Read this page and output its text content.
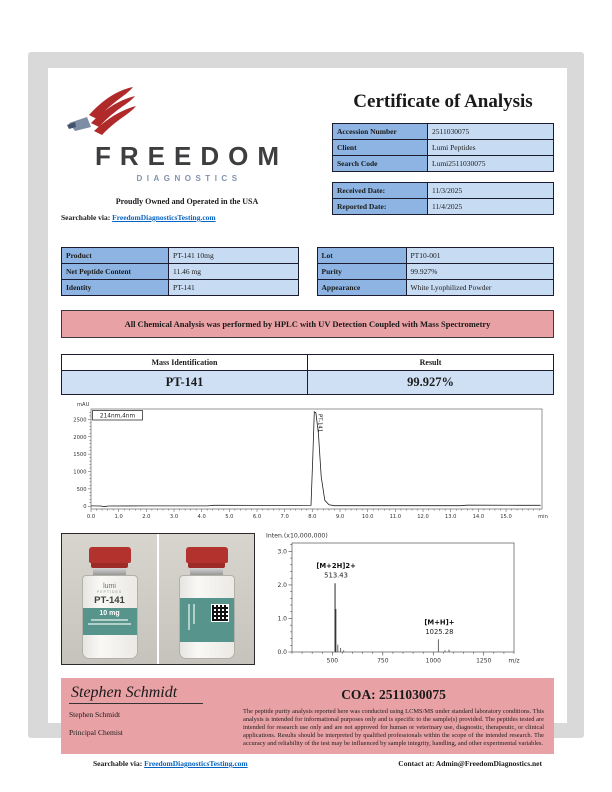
FREEDOM
DIAGNOSTICS
Proudly Owned and Operated in the USA
Searchable via: FreedomDiagnosticsTesting.com
Certificate of Analysis
Accession Number	2511030075
Client	Lumi Peptides
Search Code	Lumi2511030075
Received Date:	11/3/2025
Reported Date:	11/4/2025
Product	PT-141 10mg
Net Peptide Content	11.46 mg
Identity	PT-141
Lot	PT10-001
Purity	99.927%
Appearance	White Lyophilized Powder
All Chemical Analysis was performed by HPLC with UV Detection Coupled with Mass Spectrometry
Mass Identification	Result
PT-141	99.927%
0
500
1000
1500
2000
2500
0.0	1.0	2.0	3.0	4.0	5.0	6.0	7.0	8.0	9.0	10.0	11.0	12.0	13.0	14.0	15.0	min
mAU
214nm,4nm	PT-141
lumi
PEPTIDES
PT-141
10 mg
0.0
1.0
2.0
3.0
500	750	1000	1250	m/z
Inten.(x10,000,000)
[M+2H]2+
513.43
[M+H]+
1025.28
Stephen Schmidt	COA: 2511030075
Stephen Schmidt
Principal Chemist
The peptide purity analysis reported here was conducted using LCMS/MS under standard laboratory conditions. This analysis is intended for informational purposes only and is specific to the sample(s) provided. The peptides tested are intended for research use only and are not approved for human or veterinary use, diagnostic, therapeutic, or clinical applications. Results should be interpreted by qualified professionals within the scope of the intended research. The accuracy and reliability of the test may be influenced by sample integrity, handling, and other experimental variables.
Searchable via: FreedomDiagnosticsTesting.com	Contact at: Admin@FreedomDiagnostics.net
